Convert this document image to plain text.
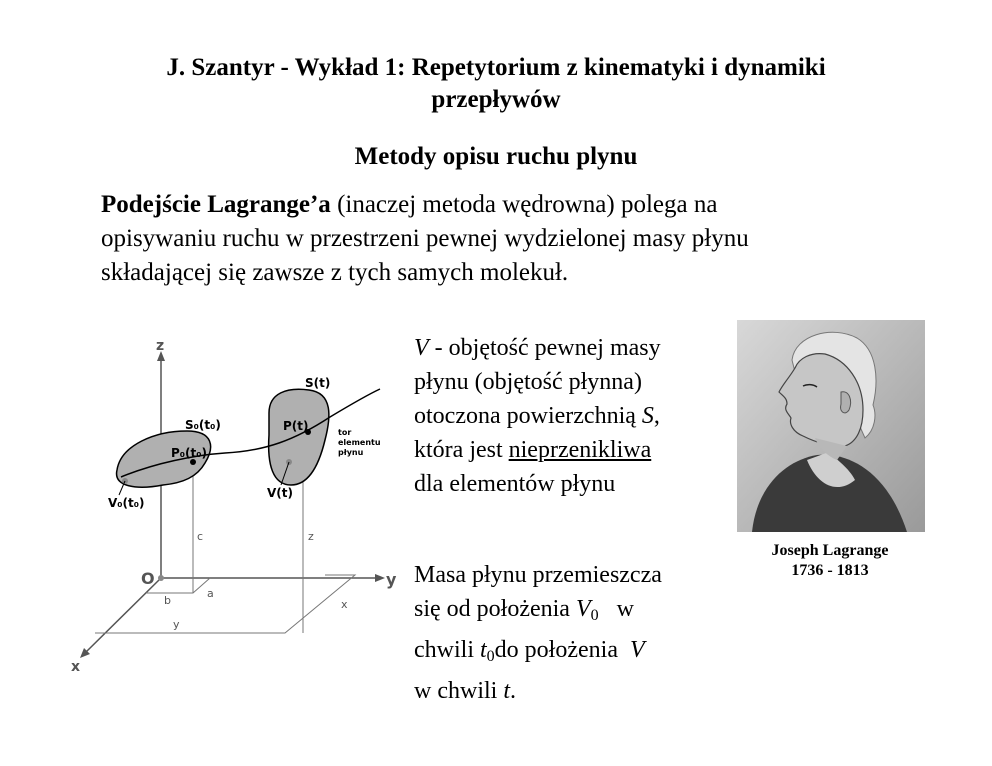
J. Szantyr - Wykład 1: Repetytorium z kinematyki i dynamiki
przepływów
Metody opisu ruchu plynu
Podejście Lagrange’a (inaczej metoda wędrowna) polega na
opisywaniu ruchu w przestrzeni pewnej wydzielonej masy płynu
składającej się zawsze z tych samych molekuł.
z
y
x
O
S₀(t₀)
P₀(t₀)
V₀(t₀)
S(t)
P(t)
V(t)
tor
elementu
płynu
c	z
b
a
y
x
V - objętość pewnej masy
płynu (objętość płynna)
otoczona powierzchnią S,
która jest nieprzenikliwa
dla elementów płynu
Masa płynu przemieszcza
się od położenia $V_0$   w
chwili $t_0do$ położenia  V
w chwili t.
Joseph Lagrange
1736 - 1813
